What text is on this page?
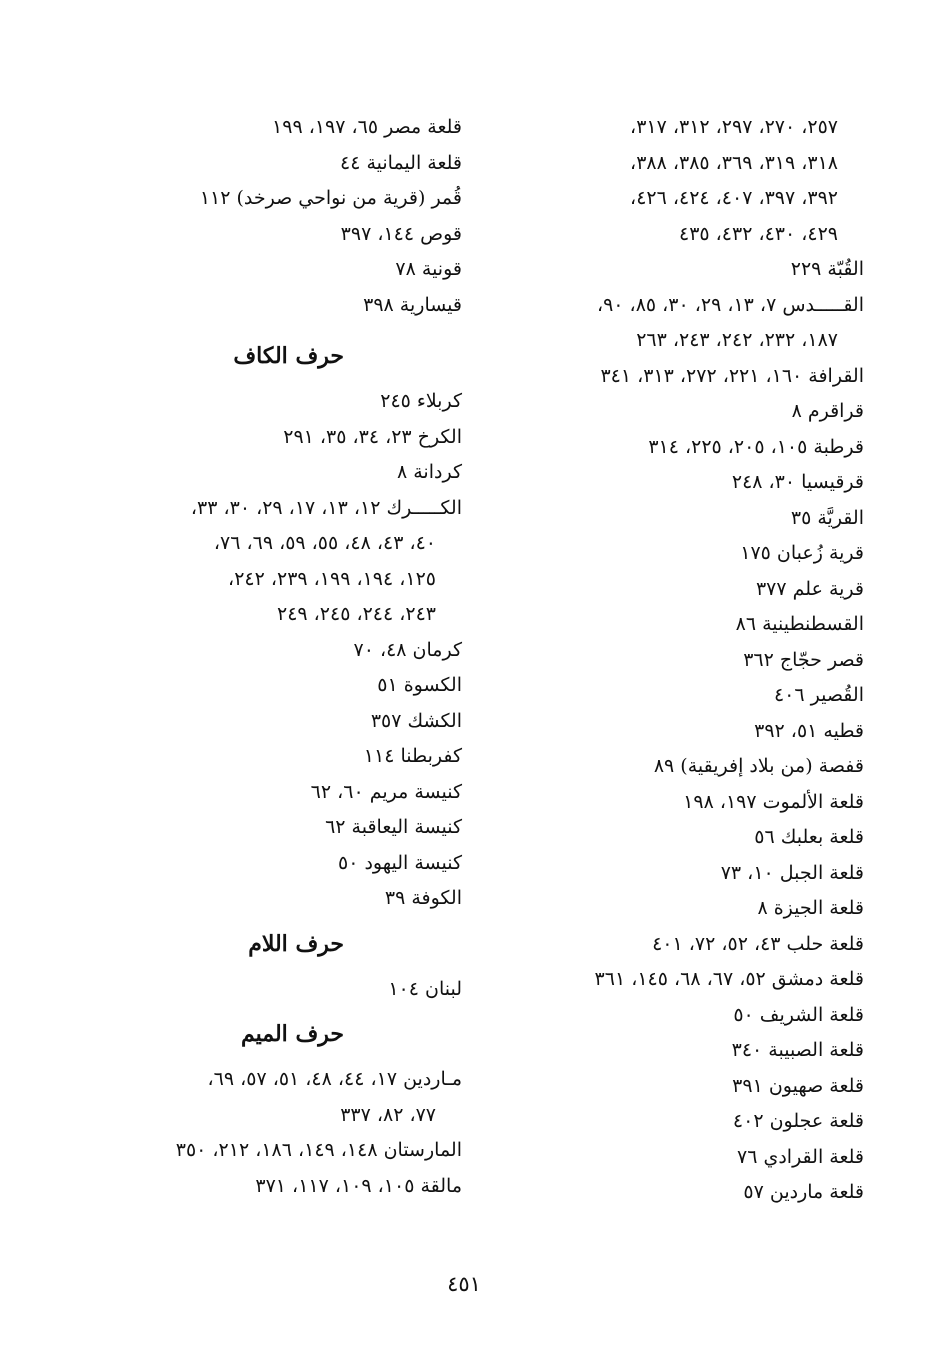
٢٥٧، ٢٧٠، ٢٩٧، ٣١٢، ٣١٧،
٣١٨، ٣١٩، ٣٦٩، ٣٨٥، ٣٨٨،
٣٩٢، ٣٩٧، ٤٠٧، ٤٢٤، ٤٢٦،
٤٢٩، ٤٣٠، ٤٣٢، ٤٣٥
القُبّة ٢٢٩
القـــــدس ٧، ١٣، ٢٩، ٣٠، ٨٥، ٩٠،
١٨٧، ٢٣٢، ٢٤٢، ٢٤٣، ٢٦٣
القرافة ١٦٠، ٢٢١، ٢٧٢، ٣١٣، ٣٤١
قراقرم ٨
قرطبة ١٠٥، ٢٠٥، ٢٢٥، ٣١٤
قرقيسيا ٣٠، ٢٤٨
القريَّة ٣٥
قرية زُعبان ١٧٥
قرية علم ٣٧٧
القسطنطينية ٨٦
قصر حجّاج ٣٦٢
القُصير ٤٠٦
قطيه ٥١، ٣٩٢
قفصة (من بلاد إفريقية) ٨٩
قلعة الألموت ١٩٧، ١٩٨
قلعة بعلبك ٥٦
قلعة الجبل ١٠، ٧٣
قلعة الجيزة ٨
قلعة حلب ٤٣، ٥٢، ٧٢، ٤٠١
قلعة دمشق ٥٢، ٦٧، ٦٨، ١٤٥، ٣٦١
قلعة الشريف ٥٠
قلعة الصبيبة ٣٤٠
قلعة صهيون ٣٩١
قلعة عجلون ٤٠٢
قلعة القرادي ٧٦
قلعة ماردين ٥٧
قلعة مصر ٦٥، ١٩٧، ١٩٩
قلعة اليمانية ٤٤
قُمر (قرية من نواحي صرخد) ١١٢
قوص ١٤٤، ٣٩٧
قونية ٧٨
قيسارية ٣٩٨
حرف الكاف
كربلاء ٢٤٥
الكرخ ٢٣، ٣٤، ٣٥، ٢٩١
كردانة ٨
الكـــــرك ١٢، ١٣، ١٧، ٢٩، ٣٠، ٣٣،
٤٠، ٤٣، ٤٨، ٥٥، ٥٩، ٦٩، ٧٦،
١٢٥، ١٩٤، ١٩٩، ٢٣٩، ٢٤٢،
٢٤٣، ٢٤٤، ٢٤٥، ٢٤٩
كرمان ٤٨، ٧٠
الكسوة ٥١
الكشك ٣٥٧
كفربطنا ١١٤
كنيسة مريم ٦٠، ٦٢
كنيسة اليعاقبة ٦٢
كنيسة اليهود ٥٠
الكوفة ٣٩
حرف اللام
لبنان ١٠٤
حرف الميم
مـاردين ١٧، ٤٤، ٤٨، ٥١، ٥٧، ٦٩،
٧٧، ٨٢، ٣٣٧
المارستان ١٤٨، ١٤٩، ١٨٦، ٢١٢، ٣٥٠
مالقة ١٠٥، ١٠٩، ١١٧، ٣٧١
٤٥١
